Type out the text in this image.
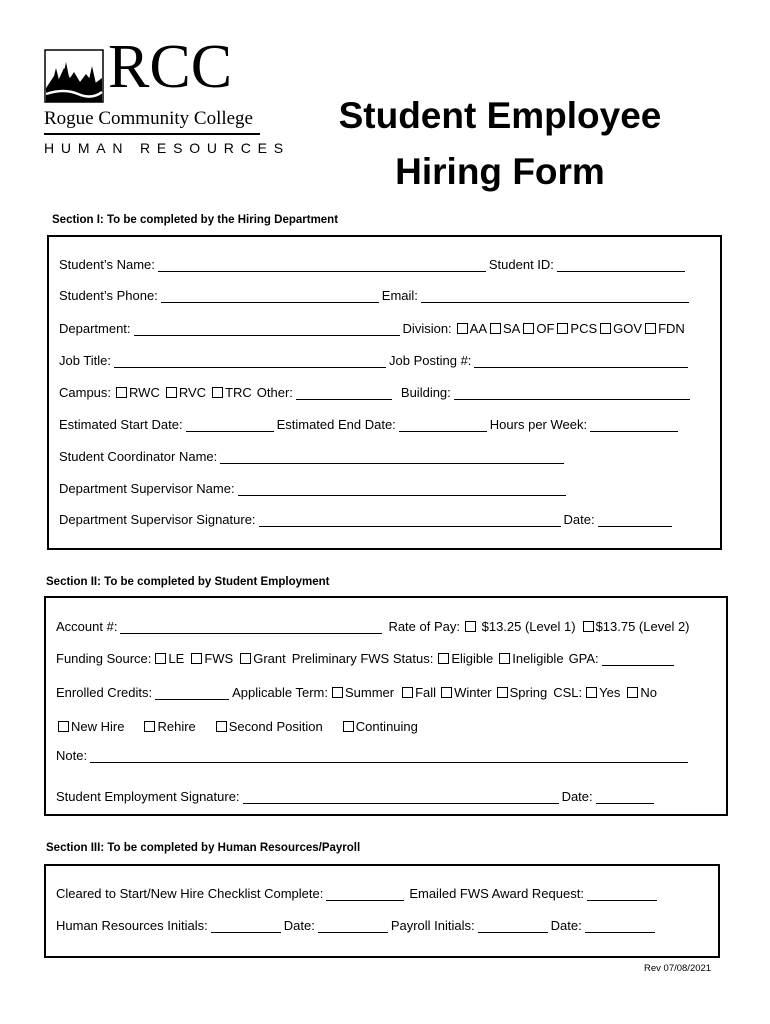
RCC
Rogue Community College
HUMAN RESOURCES
Student Employee
Hiring Form
Section I: To be completed by the Hiring Department
Student’s Name:	Student ID:
Student’s Phone:	Email:
Department:	Division:	AA	SA	OF	PCS	GOV	FDN
Job Title:	Job Posting #:
Campus:	RWC	RVC	TRC Other:	Building:
Estimated Start Date:	Estimated End Date:	Hours per Week:
Student Coordinator Name:
Department Supervisor Name:
Department Supervisor Signature:	Date:
Section II: To be completed by Student Employment
Account #:	Rate of Pay:	$13.25 (Level 1)	$13.75 (Level 2)
Funding Source:	LE	FWS	Grant Preliminary FWS Status:	Eligible	Ineligible GPA:
Enrolled Credits:	Applicable Term:	Summer	Fall	Winter	Spring CSL:	Yes	No
New Hire	Rehire	Second Position	Continuing
Note:
Student Employment Signature:	Date:
Section III: To be completed by Human Resources/Payroll
Cleared to Start/New Hire Checklist Complete:	Emailed FWS Award Request:
Human Resources Initials:	Date:	Payroll Initials:	Date:
Rev 07/08/2021
